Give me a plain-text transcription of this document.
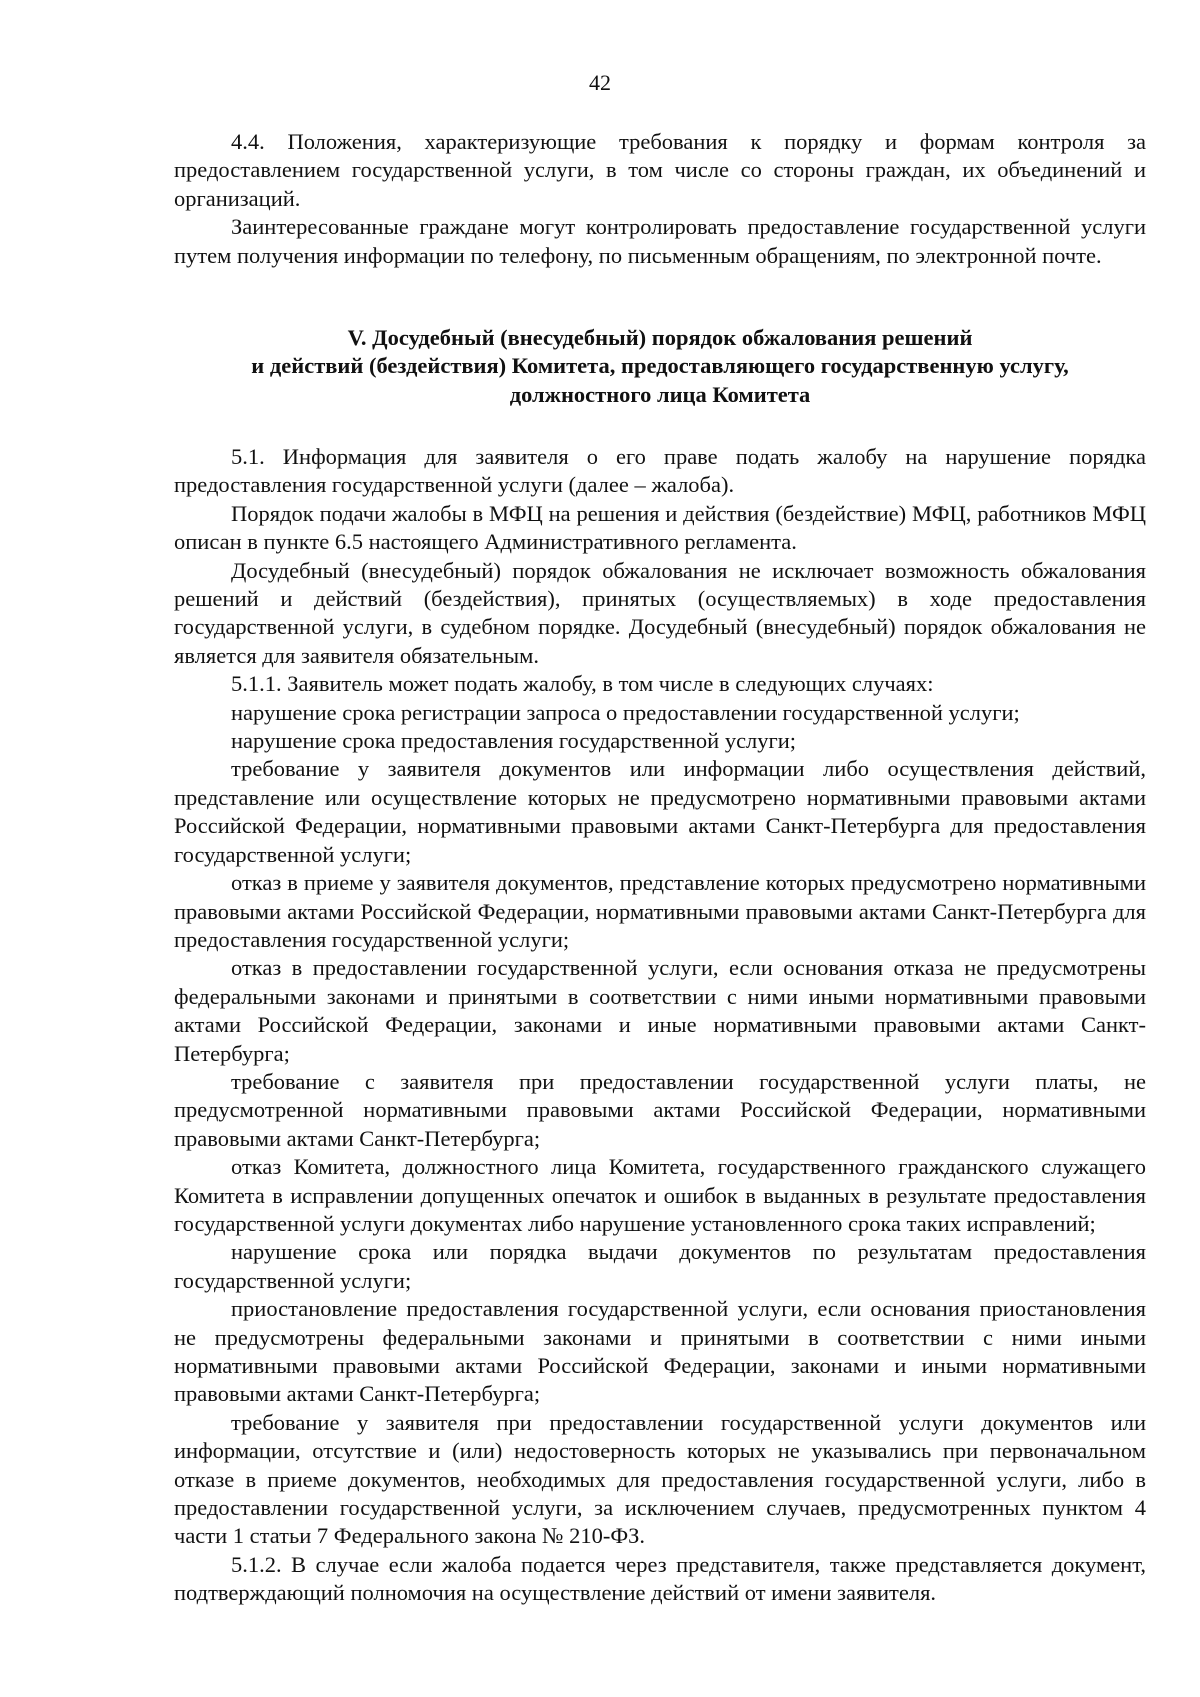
42

4.4. Положения, характеризующие требования к порядку и формам контроля за предоставлением государственной услуги, в том числе со стороны граждан, их объединений и организаций.

Заинтересованные граждане могут контролировать предоставление государственной услуги путем получения информации по телефону, по письменным обращениям, по электронной почте.

V. Досудебный (внесудебный) порядок обжалования решений
и действий (бездействия) Комитета, предоставляющего государственную услугу,
должностного лица Комитета

5.1. Информация для заявителя о его праве подать жалобу на нарушение порядка предоставления государственной услуги (далее – жалоба).

Порядок подачи жалобы в МФЦ на решения и действия (бездействие) МФЦ, работников МФЦ описан в пункте 6.5 настоящего Административного регламента.

Досудебный (внесудебный) порядок обжалования не исключает возможность обжалования решений и действий (бездействия), принятых (осуществляемых) в ходе предоставления государственной услуги, в судебном порядке. Досудебный (внесудебный) порядок обжалования не является для заявителя обязательным.

5.1.1. Заявитель может подать жалобу, в том числе в следующих случаях:

нарушение срока регистрации запроса о предоставлении государственной услуги;

нарушение срока предоставления государственной услуги;

требование у заявителя документов или информации либо осуществления действий, представление или осуществление которых не предусмотрено нормативными правовыми актами Российской Федерации, нормативными правовыми актами Санкт-Петербурга для предоставления государственной услуги;

отказ в приеме у заявителя документов, представление которых предусмотрено нормативными правовыми актами Российской Федерации, нормативными правовыми актами Санкт-Петербурга для предоставления государственной услуги;

отказ в предоставлении государственной услуги, если основания отказа не предусмотрены федеральными законами и принятыми в соответствии с ними иными нормативными правовыми актами Российской Федерации, законами и иные нормативными правовыми актами Санкт-Петербурга;

требование с заявителя при предоставлении государственной услуги платы, не предусмотренной нормативными правовыми актами Российской Федерации, нормативными правовыми актами Санкт-Петербурга;

отказ Комитета, должностного лица Комитета, государственного гражданского служащего Комитета в исправлении допущенных опечаток и ошибок в выданных в результате предоставления государственной услуги документах либо нарушение установленного срока таких исправлений;

нарушение срока или порядка выдачи документов по результатам предоставления государственной услуги;

приостановление предоставления государственной услуги, если основания приостановления не предусмотрены федеральными законами и принятыми в соответствии с ними иными нормативными правовыми актами Российской Федерации, законами и иными нормативными правовыми актами Санкт-Петербурга;

требование у заявителя при предоставлении государственной услуги документов или информации, отсутствие и (или) недостоверность которых не указывались при первоначальном отказе в приеме документов, необходимых для предоставления государственной услуги, либо в предоставлении государственной услуги, за исключением случаев, предусмотренных пунктом 4 части 1 статьи 7 Федерального закона № 210-ФЗ.

5.1.2. В случае если жалоба подается через представителя, также представляется документ, подтверждающий полномочия на осуществление действий от имени заявителя.
